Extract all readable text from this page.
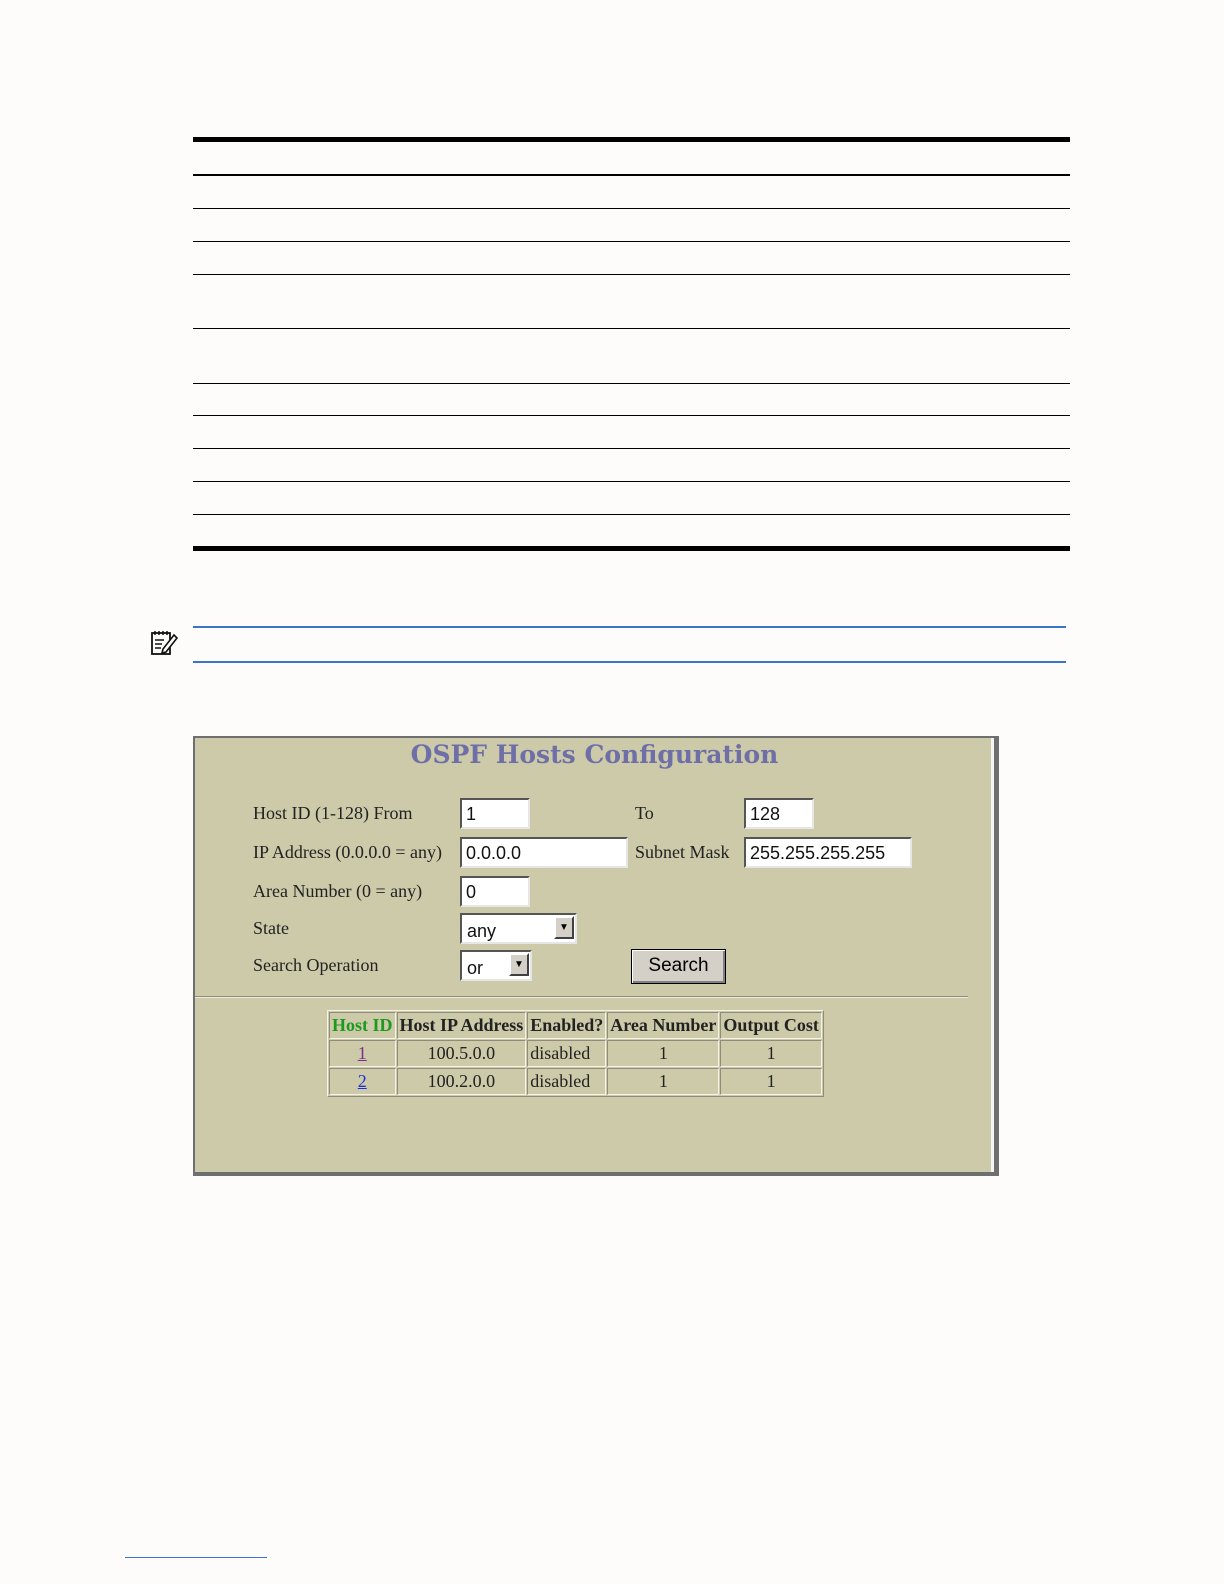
OSPF Hosts Configuration
Host ID (1-128) From	1	To	128
IP Address (0.0.0.0 = any)	0.0.0.0	Subnet Mask	255.255.255.255
Area Number (0 = any)	0
State	any	▼
Search Operation	or	▼	Search
Host ID	Host IP Address	Enabled?	Area Number	Output Cost
1	100.5.0.0	disabled	1	1
2	100.2.0.0	disabled	1	1
